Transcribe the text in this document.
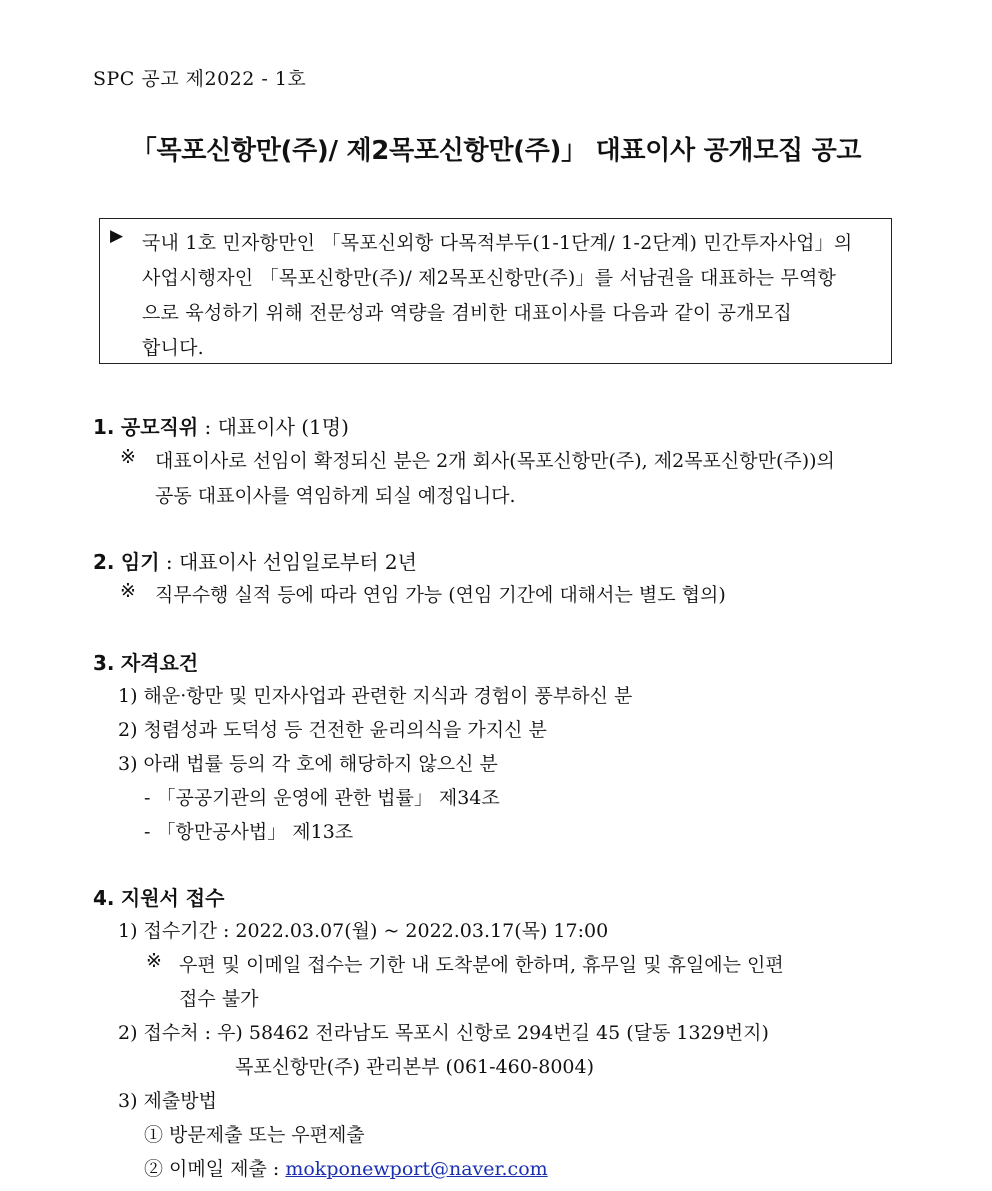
SPC 공고 제2022 - 1호
「목포신항만(주)/ 제2목포신항만(주)」 대표이사 공개모집 공고
▶ 국내 1호 민자항만인 「목포신외항 다목적부두(1-1단계/ 1-2단계) 민간투자사업」의
사업시행자인 「목포신항만(주)/ 제2목포신항만(주)」를 서남권을 대표하는 무역항
으로 육성하기 위해 전문성과 역량을 겸비한 대표이사를 다음과 같이 공개모집
합니다.
1. 공모직위 : 대표이사 (1명)
※ 대표이사로 선임이 확정되신 분은 2개 회사(목포신항만(주), 제2목포신항만(주))의
공동 대표이사를 역임하게 되실 예정입니다.
2. 임기 : 대표이사 선임일로부터 2년
※ 직무수행 실적 등에 따라 연임 가능 (연임 기간에 대해서는 별도 협의)
3. 자격요건
1) 해운·항만 및 민자사업과 관련한 지식과 경험이 풍부하신 분
2) 청렴성과 도덕성 등 건전한 윤리의식을 가지신 분
3) 아래 법률 등의 각 호에 해당하지 않으신 분
- 「공공기관의 운영에 관한 법률」 제34조
- 「항만공사법」 제13조
4. 지원서 접수
1) 접수기간 : 2022.03.07(월) ~ 2022.03.17(목) 17:00
※ 우편 및 이메일 접수는 기한 내 도착분에 한하며, 휴무일 및 휴일에는 인편
접수 불가
2) 접수처 : 우) 58462 전라남도 목포시 신항로 294번길 45 (달동 1329번지)
목포신항만(주) 관리본부 (061-460-8004)
3) 제출방법
① 방문제출 또는 우편제출
② 이메일 제출 : mokponewport@naver.com
